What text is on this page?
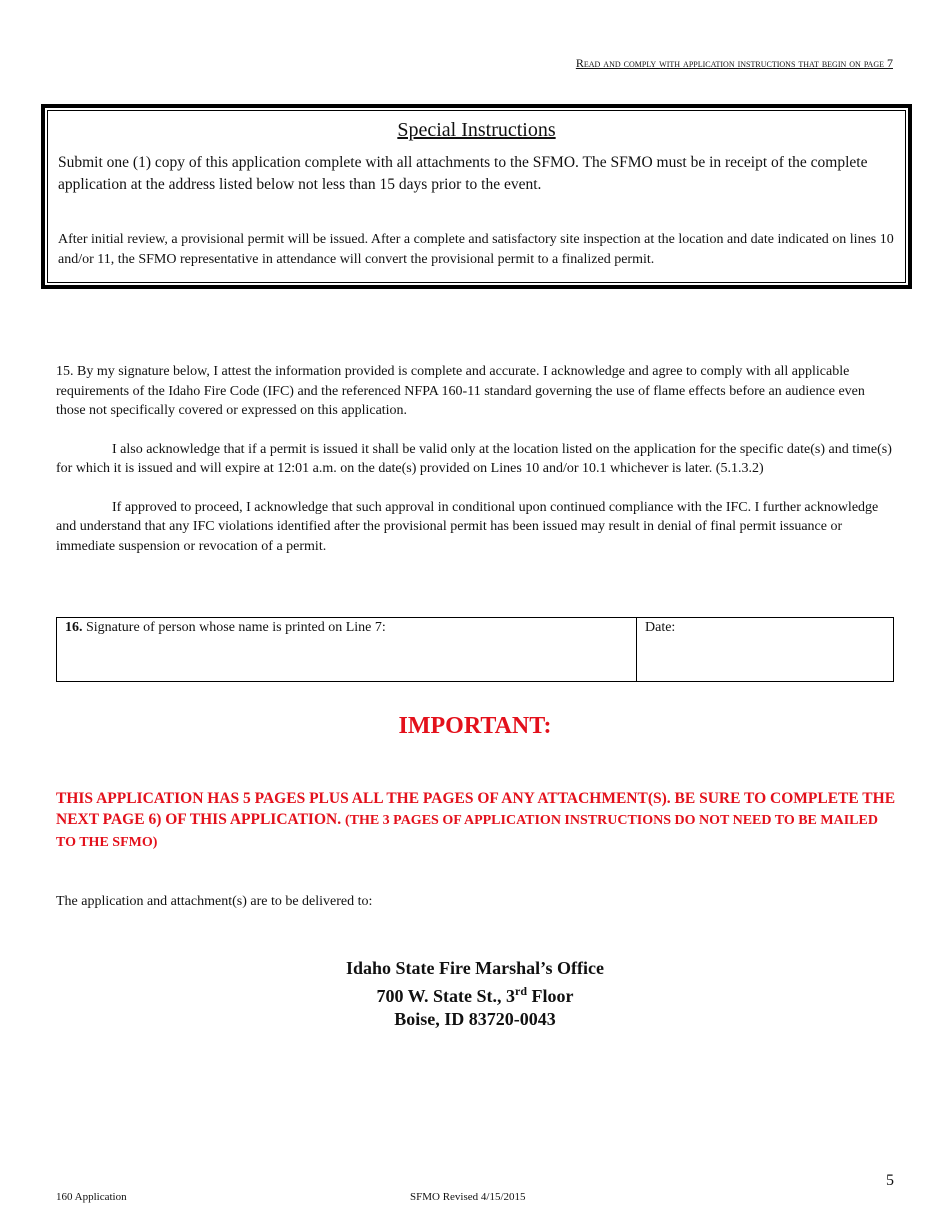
Read and comply with application instructions that begin on page 7
Special Instructions

Submit one (1) copy of this application complete with all attachments to the SFMO. The SFMO must be in receipt of the complete application at the address listed below not less than 15 days prior to the event.

After initial review, a provisional permit will be issued. After a complete and satisfactory site inspection at the location and date indicated on lines 10 and/or 11, the SFMO representative in attendance will convert the provisional permit to a finalized permit.

15. By my signature below, I attest the information provided is complete and accurate. I acknowledge and agree to comply with all applicable requirements of the Idaho Fire Code (IFC) and the referenced NFPA 160-11 standard governing the use of flame effects before an audience even those not specifically covered or expressed on this application.

I also acknowledge that if a permit is issued it shall be valid only at the location listed on the application for the specific date(s) and time(s) for which it is issued and will expire at 12:01 a.m. on the date(s) provided on Lines 10 and/or 10.1 whichever is later. (5.1.3.2)

If approved to proceed, I acknowledge that such approval in conditional upon continued compliance with the IFC. I further acknowledge and understand that any IFC violations identified after the provisional permit has been issued may result in denial of final permit issuance or immediate suspension or revocation of a permit.

16. Signature of person whose name is printed on Line 7:	Date:
IMPORTANT:
THIS APPLICATION HAS 5 PAGES PLUS ALL THE PAGES OF ANY ATTACHMENT(S). BE SURE TO COMPLETE THE NEXT PAGE 6) OF THIS APPLICATION. (THE 3 PAGES OF APPLICATION INSTRUCTIONS DO NOT NEED TO BE MAILED TO THE SFMO)
The application and attachment(s) are to be delivered to:
Idaho State Fire Marshal’s Office
700 W. State St., 3rd Floor
Boise, ID 83720-0043
5
160 Application	SFMO Revised 4/15/2015
